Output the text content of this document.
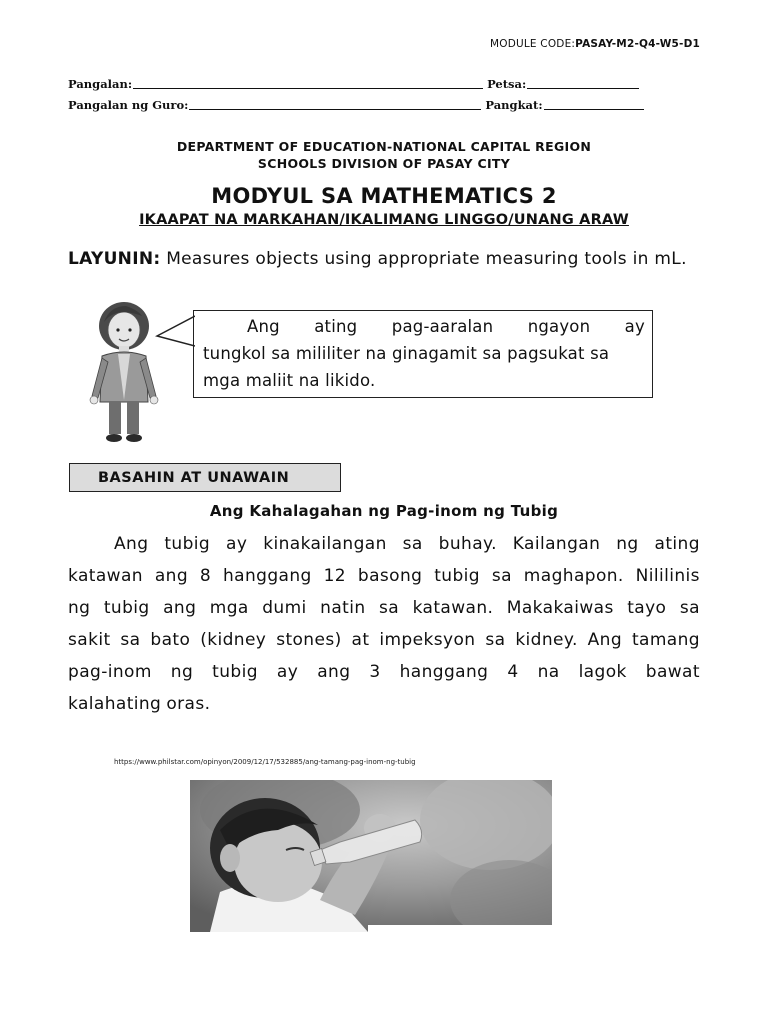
MODULE CODE:PASAY-M2-Q4-W5-D1
Pangalan:	Petsa:
Pangalan ng Guro:	Pangkat:
DEPARTMENT OF EDUCATION-NATIONAL CAPITAL REGION
SCHOOLS DIVISION OF PASAY CITY
MODYUL SA MATHEMATICS 2
IKAAPAT NA MARKAHAN/IKALIMANG LINGGO/UNANG ARAW
LAYUNIN: Measures objects using appropriate measuring tools in mL.
Ang ating pag-aaralan ngayon ay
tungkol sa mililiter na ginagamit sa pagsukat sa
mga maliit na likido.
BASAHIN AT UNAWAIN
Ang Kahalagahan ng Pag-inom ng Tubig
Ang tubig ay kinakailangan sa buhay. Kailangan ng ating
katawan ang 8 hanggang 12 basong tubig sa maghapon. Nililinis
ng tubig ang mga dumi natin sa katawan. Makakaiwas tayo sa
sakit sa bato (kidney stones) at impeksyon sa kidney. Ang tamang
pag-inom ng tubig ay ang 3 hanggang 4 na lagok bawat
kalahating oras.
https://www.philstar.com/opinyon/2009/12/17/532885/ang-tamang-pag-inom-ng-tubig
